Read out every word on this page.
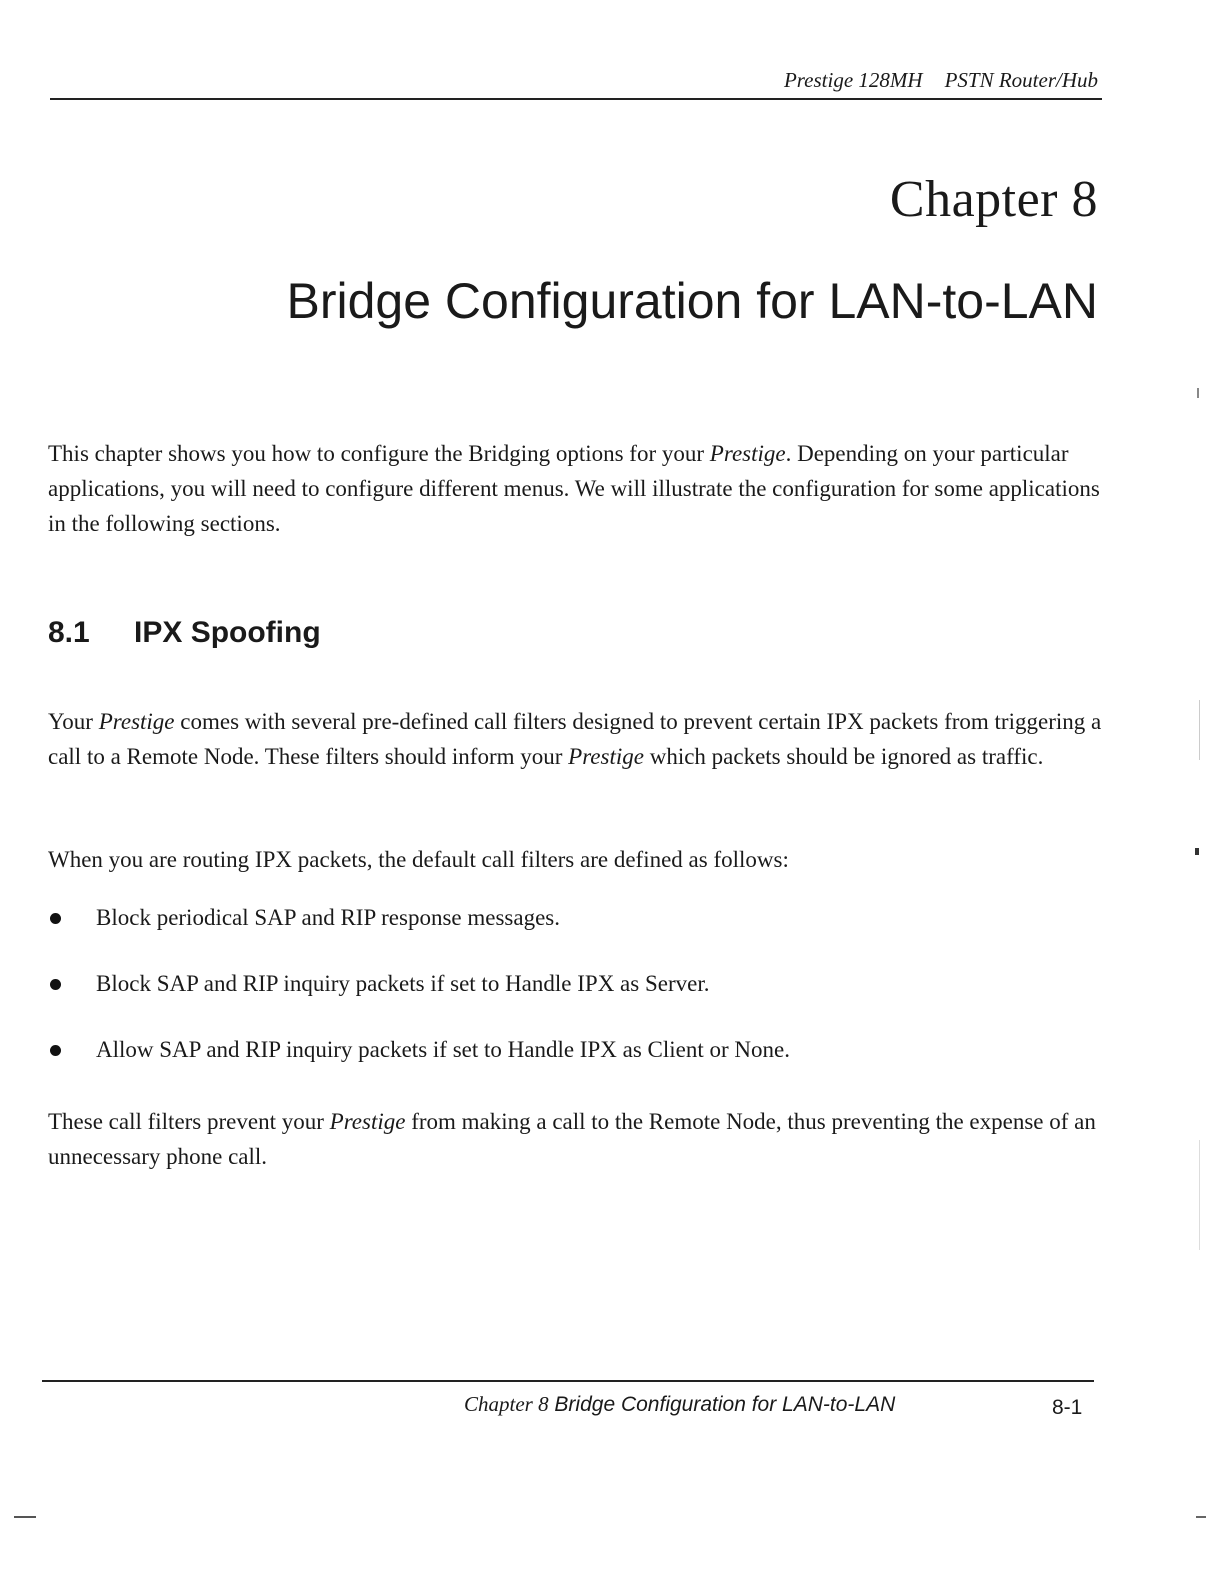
Prestige 128MH PSTN Router/Hub
Chapter 8
Bridge Configuration for LAN-to-LAN

This chapter shows you how to configure the Bridging options for your Prestige. Depending on your particular applications, you will need to configure different menus. We will illustrate the configuration for some applications in the following sections.

8.1 IPX Spoofing

Your Prestige comes with several pre-defined call filters designed to prevent certain IPX packets from triggering a call to a Remote Node. These filters should inform your Prestige which packets should be ignored as traffic.

When you are routing IPX packets, the default call filters are defined as follows:

Block periodical SAP and RIP response messages.
Block SAP and RIP inquiry packets if set to Handle IPX as Server.
Allow SAP and RIP inquiry packets if set to Handle IPX as Client or None.

These call filters prevent your Prestige from making a call to the Remote Node, thus preventing the expense of an unnecessary phone call.

Chapter 8 Bridge Configuration for LAN-to-LAN	8-1
